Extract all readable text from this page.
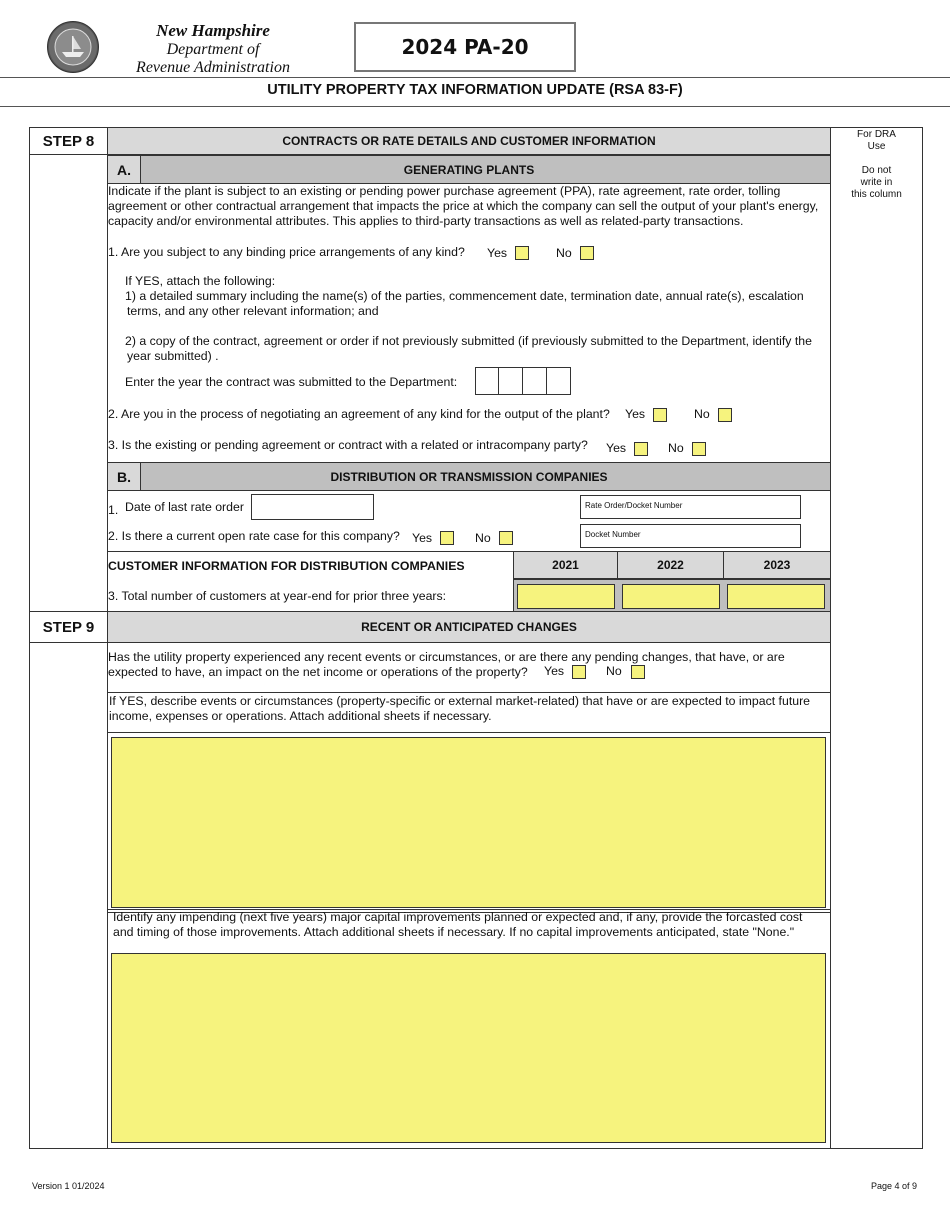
New Hampshire
Department of
Revenue Administration
2024 PA-20
UTILITY PROPERTY TAX INFORMATION UPDATE (RSA 83-F)
For DRA
Use
Do not
write in
this column
STEP 8	CONTRACTS OR RATE DETAILS AND CUSTOMER INFORMATION
GENERATING PLANTS
A.
Indicate if the plant is subject to an existing or pending power purchase agreement (PPA), rate agreement, rate order, tolling
agreement or other contractual arrangement that impacts the price at which the company can sell the output of your plant's energy,
capacity and/or environmental attributes. This applies to third-party transactions as well as related-party transactions.
1. Are you subject to any binding price arrangements of any kind? Yes	No
If YES, attach the following:
1) a detailed summary including the name(s) of the parties, commencement date, termination date, annual rate(s), escalation
terms, and any other relevant information; and
2) a copy of the contract, agreement or order if not previously submitted (if previously submitted to the Department, identify the
year submitted) .
Enter the year the contract was submitted to the Department:
2. Are you in the process of negotiating an agreement of any kind for the output of the plant? Yes	No
3. Is the existing or pending agreement or contract with a related or intracompany party? Yes	No
DISTRIBUTION OR TRANSMISSION COMPANIES
B.
1. Date of last rate order	Rate Order/Docket Number
2. Is there a current open rate case for this company? Yes	No	Docket Number
CUSTOMER INFORMATION FOR DISTRIBUTION COMPANIES	2021	2022	2023
3. Total number of customers at year-end for prior three years:
STEP 9	RECENT OR ANTICIPATED CHANGES
Has the utility property experienced any recent events or circumstances, or are there any pending changes, that have, or are
expected to have, an impact on the net income or operations of the property?	Yes	No
If YES, describe events or circumstances (property-specific or external market-related) that have or are expected to impact future
income, expenses or operations. Attach additional sheets if necessary.
Identify any impending (next five years) major capital improvements planned or expected and, if any, provide the forcasted cost
and timing of those improvements. Attach additional sheets if necessary. If no capital improvements anticipated, state "None."
Version 1 01/2024	Page 4 of 9
